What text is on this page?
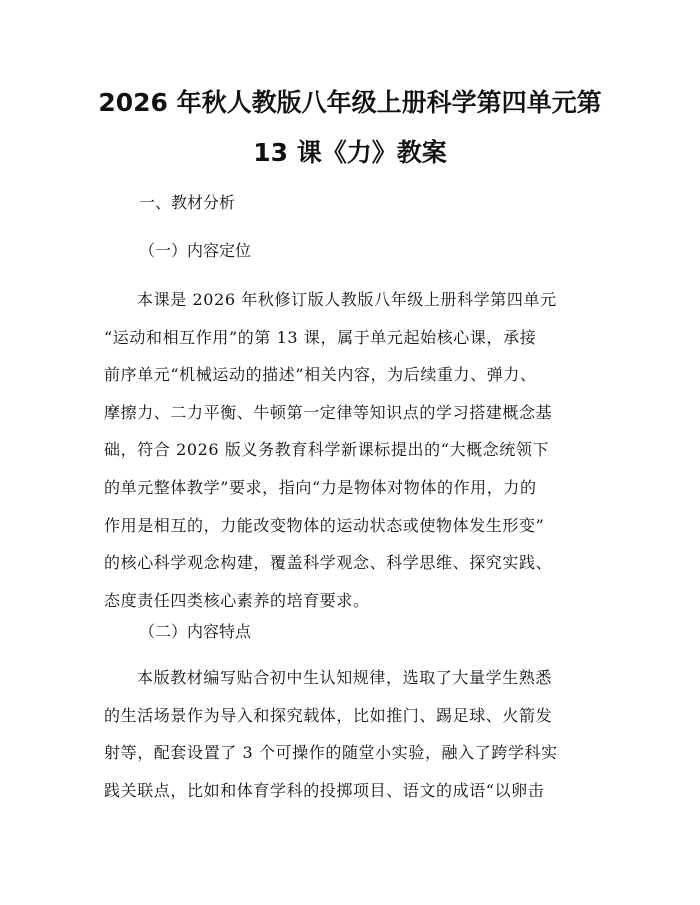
2026 年秋人教版八年级上册科学第四单元第
13 课《力》教案
一、教材分析
（一）内容定位

本课是 2026 年秋修订版人教版八年级上册科学第四单元
“运动和相互作用”的第 13 课，属于单元起始核心课，承接
前序单元“机械运动的描述”相关内容，为后续重力、弹力、
摩擦力、二力平衡、牛顿第一定律等知识点的学习搭建概念基
础，符合 2026 版义务教育科学新课标提出的“大概念统领下
的单元整体教学”要求，指向“力是物体对物体的作用，力的
作用是相互的，力能改变物体的运动状态或使物体发生形变”
的核心科学观念构建，覆盖科学观念、科学思维、探究实践、
态度责任四类核心素养的培育要求。

（二）内容特点

本版教材编写贴合初中生认知规律，选取了大量学生熟悉
的生活场景作为导入和探究载体，比如推门、踢足球、火箭发
射等，配套设置了 3 个可操作的随堂小实验，融入了跨学科实
践关联点，比如和体育学科的投掷项目、语文的成语“以卵击
